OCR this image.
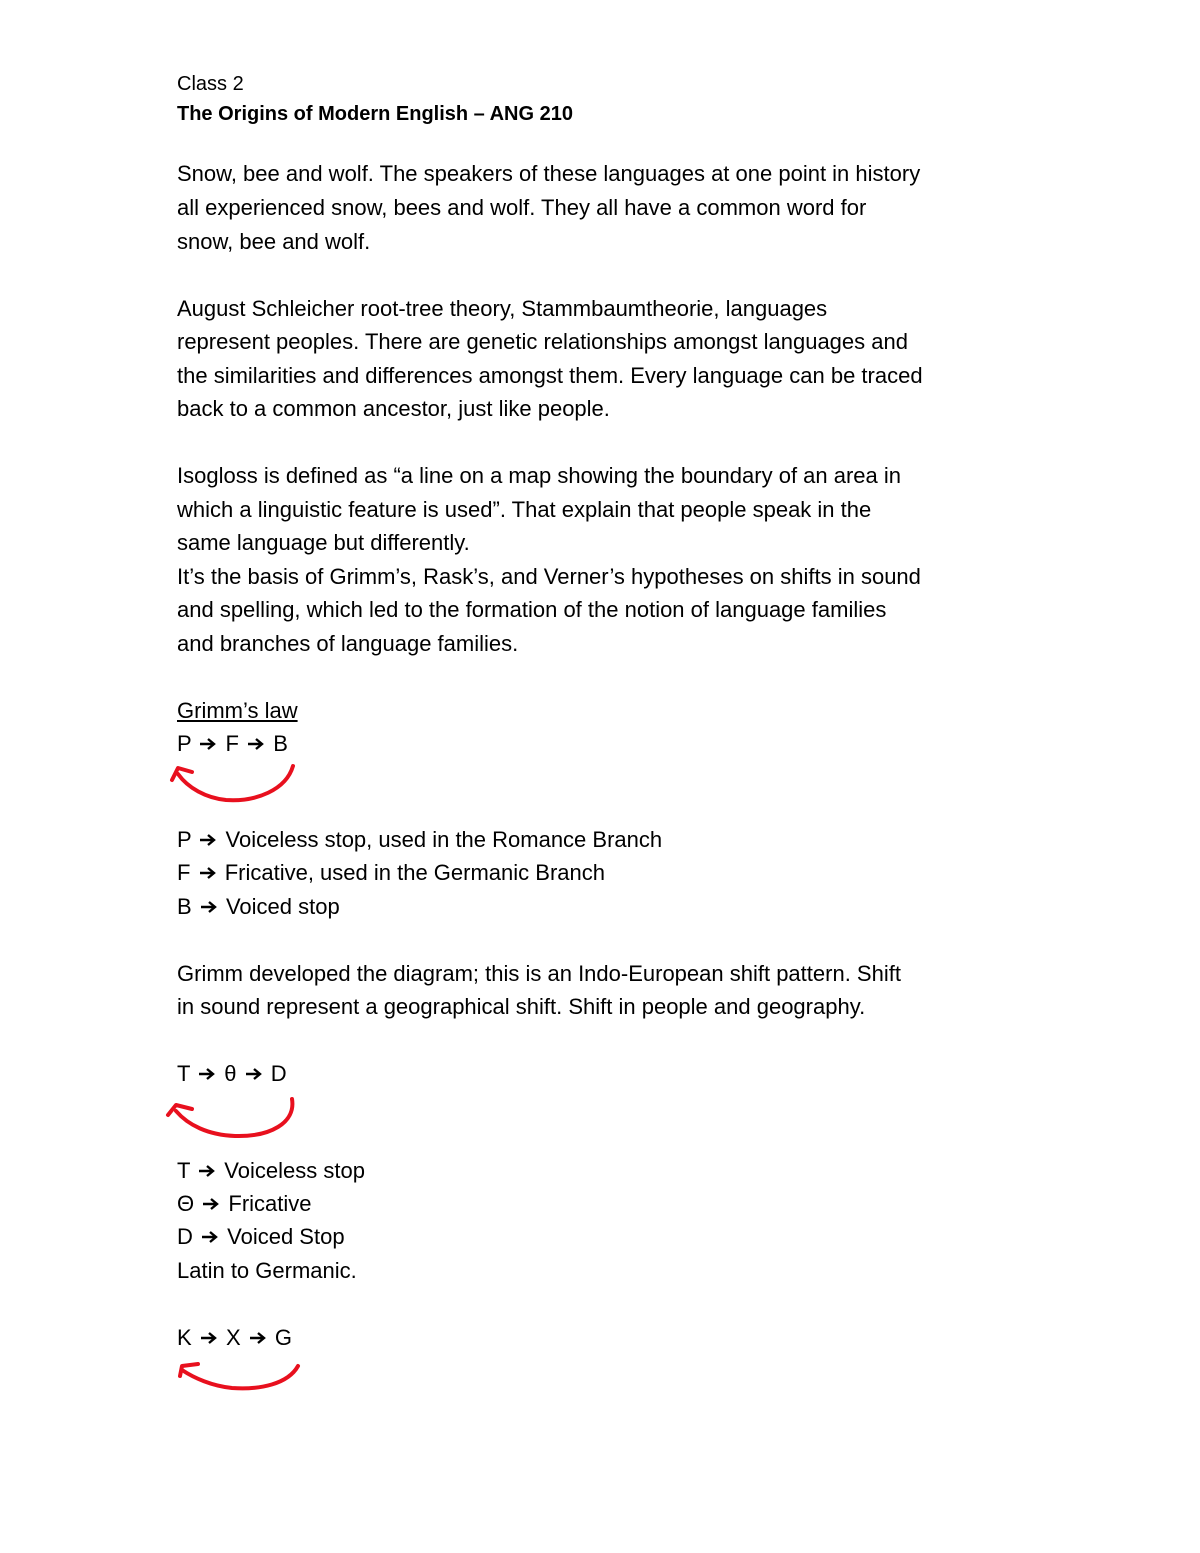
Class 2

The Origins of Modern English – ANG 210

Snow, bee and wolf. The speakers of these languages at one point in history

all experienced snow, bees and wolf. They all have a common word for

snow, bee and wolf.

August Schleicher root-tree theory, Stammbaumtheorie, languages

represent peoples. There are genetic relationships amongst languages and

the similarities and differences amongst them. Every language can be traced

back to a common ancestor, just like people.

Isogloss is defined as “a line on a map showing the boundary of an area in

which a linguistic feature is used”. That explain that people speak in the

same language but differently.

It’s the basis of Grimm’s, Rask’s, and Verner’s hypotheses on shifts in sound

and spelling, which led to the formation of the notion of language families

and branches of language families.

Grimm’s law

P F B

P Voiceless stop, used in the Romance Branch

F Fricative, used in the Germanic Branch

B Voiced stop

Grimm developed the diagram; this is an Indo-European shift pattern. Shift

in sound represent a geographical shift. Shift in people and geography.

T θ D

T Voiceless stop

Θ Fricative

D Voiced Stop

Latin to Germanic.

K X G
